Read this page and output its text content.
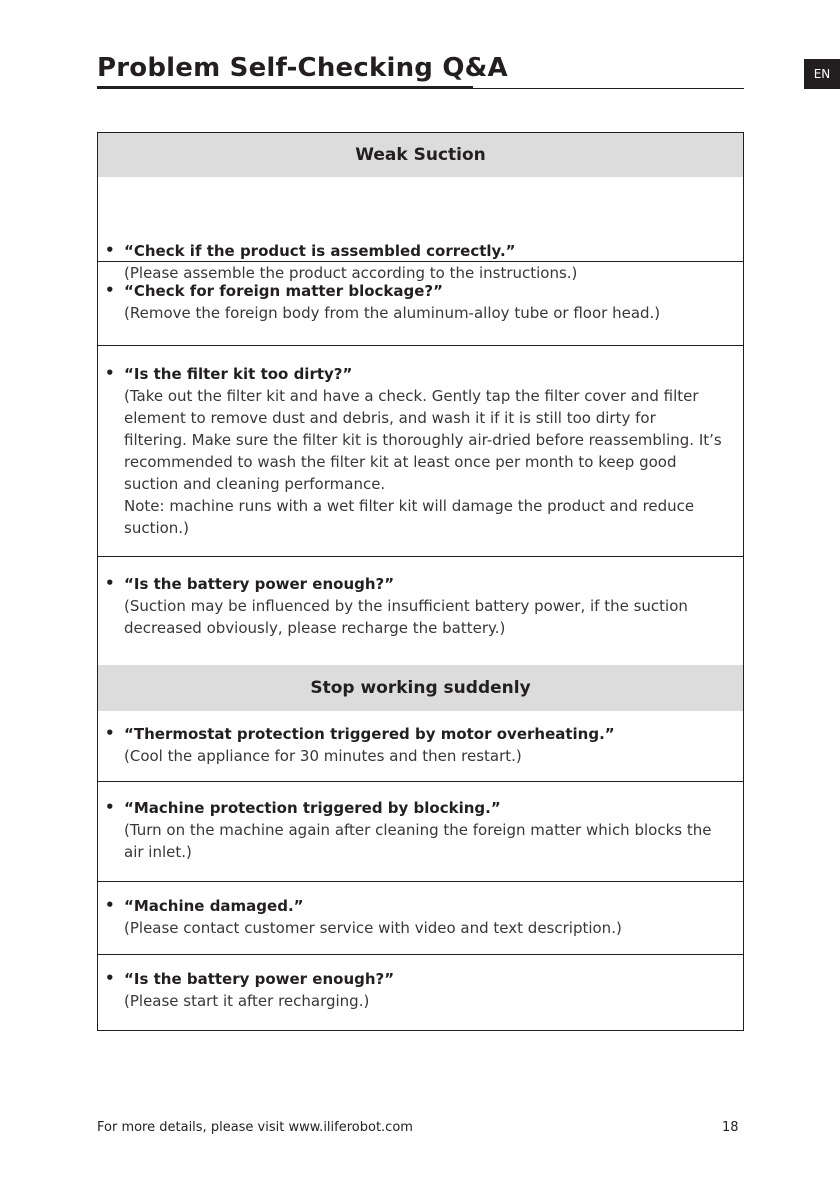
Problem Self-Checking Q&A	EN
Weak Suction
• “Check if the product is assembled correctly.”
(Please assemble the product according to the instructions.)
• “Check for foreign matter blockage?”
(Remove the foreign body from the aluminum-alloy tube or floor head.)
• “Is the filter kit too dirty?”
(Take out the filter kit and have a check. Gently tap the filter cover and filter element to remove dust and debris, and wash it if it is still too dirty for filtering. Make sure the filter kit is thoroughly air-dried before reassembling. It’s recommended to wash the filter kit at least once per month to keep good suction and cleaning performance.
Note: machine runs with a wet filter kit will damage the product and reduce suction.)
• “Is the battery power enough?”
(Suction may be influenced by the insufficient battery power, if the suction decreased obviously, please recharge the battery.)
Stop working suddenly
• “Thermostat protection triggered by motor overheating.”
(Cool the appliance for 30 minutes and then restart.)
• “Machine protection triggered by blocking.”
(Turn on the machine again after cleaning the foreign matter which blocks the air inlet.)
• “Machine damaged.”
(Please contact customer service with video and text description.)
• “Is the battery power enough?”
(Please start it after recharging.)
For more details, please visit www.iliferobot.com	18
